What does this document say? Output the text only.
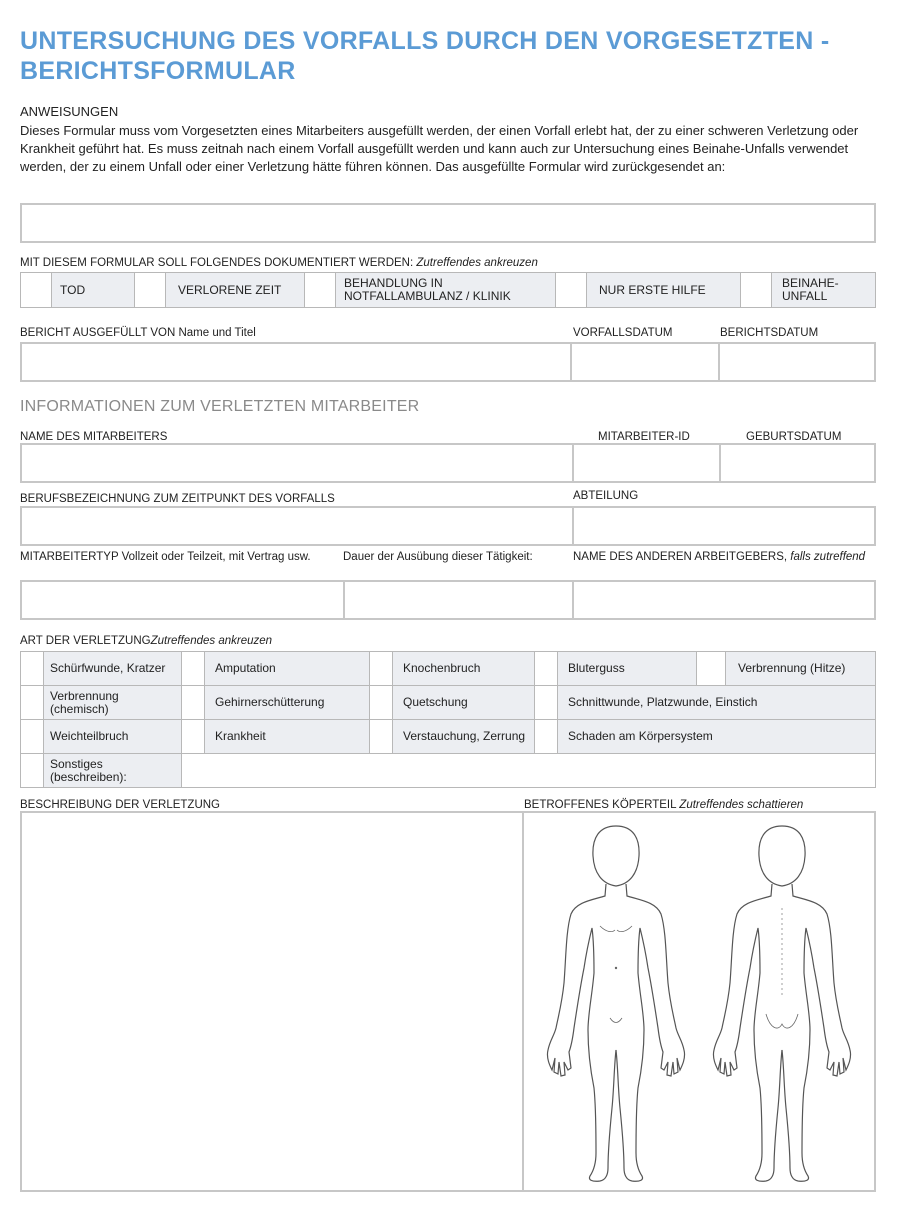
UNTERSUCHUNG DES VORFALLS DURCH DEN VORGESETZTEN - BERICHTSFORMULAR
ANWEISUNGEN
Dieses Formular muss vom Vorgesetzten eines Mitarbeiters ausgefüllt werden, der einen Vorfall erlebt hat, der zu einer schweren Verletzung oder Krankheit geführt hat. Es muss zeitnah nach einem Vorfall ausgefüllt werden und kann auch zur Untersuchung eines Beinahe-Unfalls verwendet werden, der zu einem Unfall oder einer Verletzung hätte führen können. Das ausgefüllte Formular wird zurückgesendet an:
MIT DIESEM FORMULAR SOLL FOLGENDES DOKUMENTIERT WERDEN: Zutreffendes ankreuzen
	TOD		VERLORENE ZEIT		BEHANDLUNG IN NOTFALLAMBULANZ / KLINIK		NUR ERSTE HILFE		BEINAHE-UNFALL
BERICHT AUSGEFÜLLT VON Name und Titel	VORFALLSDATUM	BERICHTSDATUM
INFORMATIONEN ZUM VERLETZTEN MITARBEITER
NAME DES MITARBEITERS	MITARBEITER-ID	GEBURTSDATUM
BERUFSBEZEICHNUNG ZUM ZEITPUNKT DES VORFALLS	ABTEILUNG
MITARBEITERTYP Vollzeit oder Teilzeit, mit Vertrag usw.	Dauer der Ausübung dieser Tätigkeit:	NAME DES ANDEREN ARBEITGEBERS, falls zutreffend
ART DER VERLETZUNGZutreffendes ankreuzen
	Schürfwunde, Kratzer		Amputation		Knochenbruch		Bluterguss		Verbrennung (Hitze)
	Verbrennung (chemisch)		Gehirnerschütterung		Quetschung		Schnittwunde, Platzwunde, Einstich		
	Weichteilbruch		Krankheit		Verstauchung, Zerrung		Schaden am Körpersystem		
	Sonstiges (beschreiben):								
BESCHREIBUNG DER VERLETZUNG	BETROFFENES KÖPERTEIL Zutreffendes schattieren
